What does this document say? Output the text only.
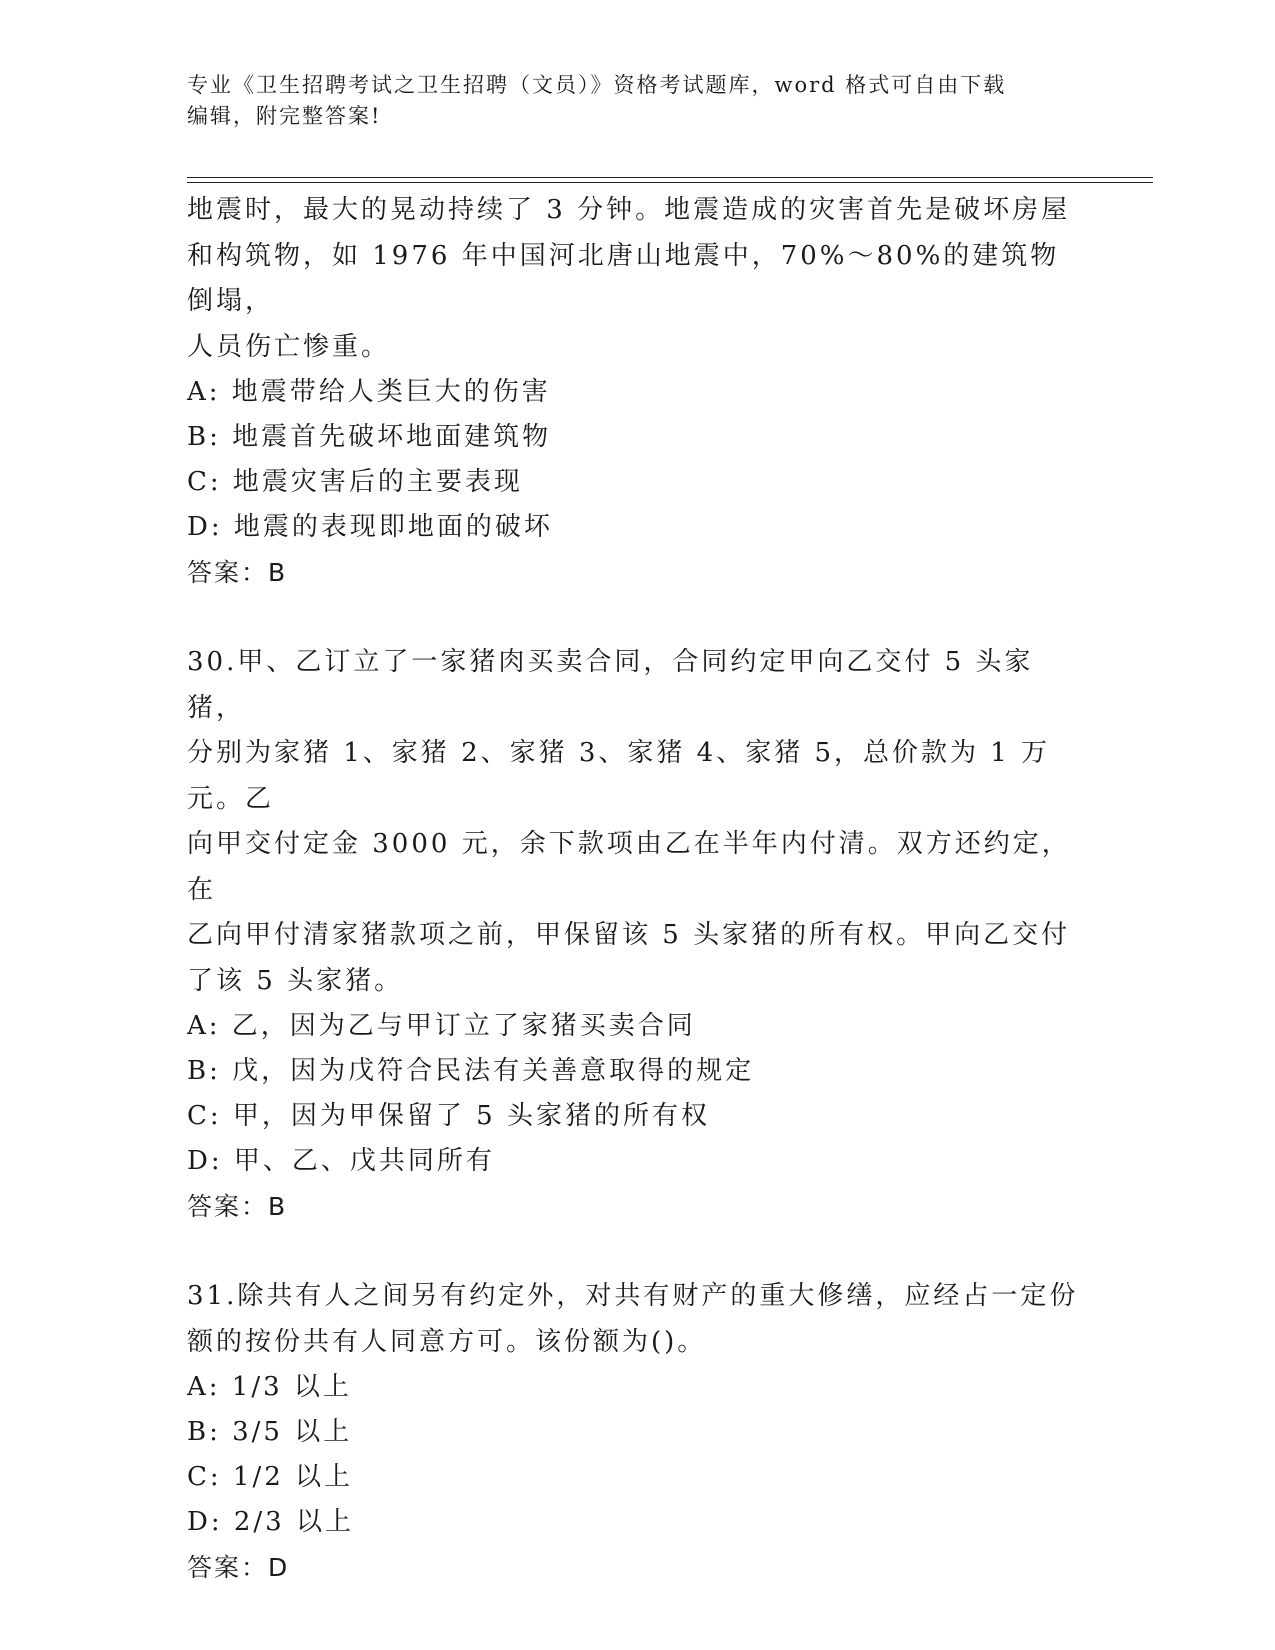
专业《卫生招聘考试之卫生招聘（文员）》资格考试题库，word 格式可自由下载
编辑，附完整答案!
地震时，最大的晃动持续了 3 分钟。地震造成的灾害首先是破坏房屋
和构筑物，如 1976 年中国河北唐山地震中，70%～80%的建筑物倒塌，
人员伤亡惨重。
A: 地震带给人类巨大的伤害
B: 地震首先破坏地面建筑物
C: 地震灾害后的主要表现
D: 地震的表现即地面的破坏
答案：B
30.甲、乙订立了一家猪肉买卖合同，合同约定甲向乙交付 5 头家猪，
分别为家猪 1、家猪 2、家猪 3、家猪 4、家猪 5，总价款为 1 万元。乙
向甲交付定金 3000 元，余下款项由乙在半年内付清。双方还约定，在
乙向甲付清家猪款项之前，甲保留该 5 头家猪的所有权。甲向乙交付
了该 5 头家猪。
A: 乙，因为乙与甲订立了家猪买卖合同
B: 戊，因为戊符合民法有关善意取得的规定
C: 甲，因为甲保留了 5 头家猪的所有权
D: 甲、乙、戊共同所有
答案：B
31.除共有人之间另有约定外，对共有财产的重大修缮，应经占一定份
额的按份共有人同意方可。该份额为()。
A: 1/3 以上
B: 3/5 以上
C: 1/2 以上
D: 2/3 以上
答案：D
